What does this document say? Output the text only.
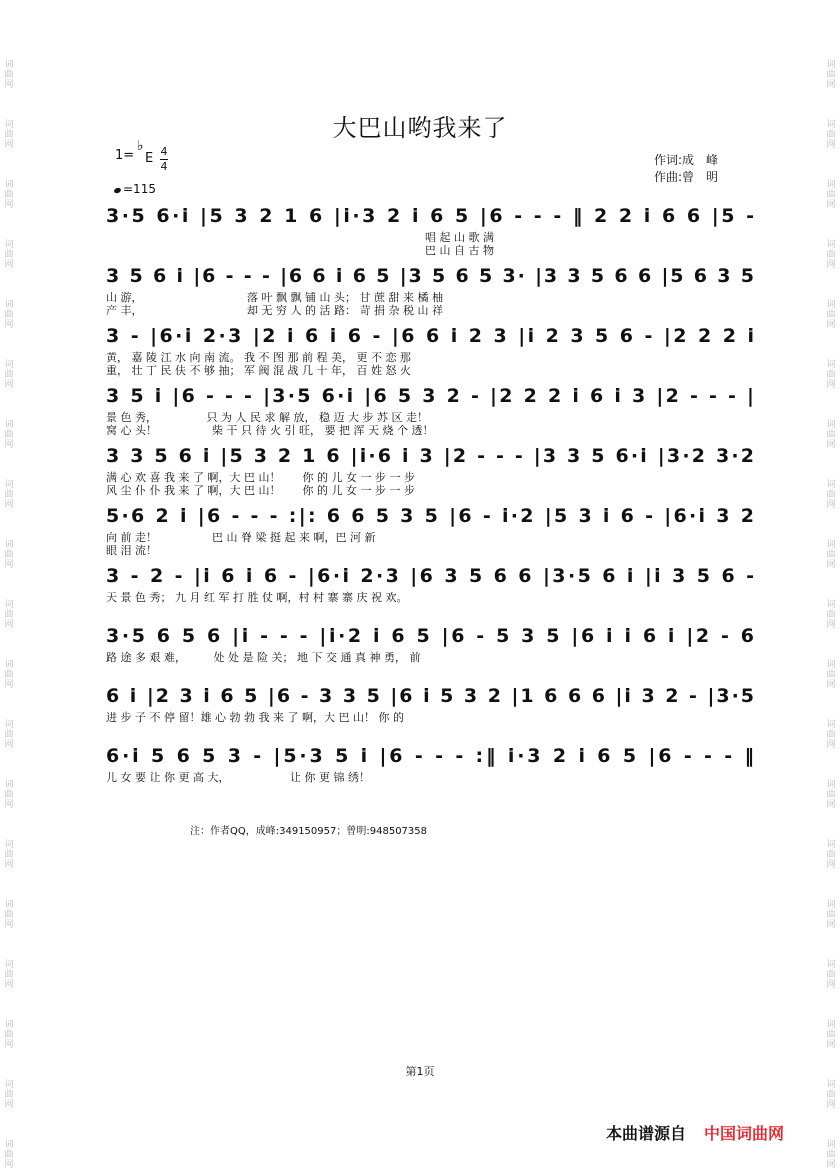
词
曲
网
词
曲
网
词
曲
网
词
曲
网
词
曲
网
词
曲
网
词
曲
网
词
曲
网
词
曲
网
词
曲
网
词
曲
网
词
曲
网
词
曲
网
词
曲
网
词
曲
网
词
曲
网
词
曲
网
词
曲
网
词
曲
网
词
曲
网
词
曲
网
词
曲
网
词
曲
网
词
曲
网
词
曲
网
词
曲
网
词
曲
网
词
曲
网
词
曲
网
词
曲
网
词
曲
网
词
曲
网
词
曲
网
词
曲
网
词
曲
网
词
曲
网
词
曲
网
词
曲
网
大巴山哟我来了
1=
♭
E 4
4
=115
作词:成　峰
作曲:曾　明
3·5 6·i |5 3 2 1 6 |i·3 2 i 6 5 |6 - - - ‖ 2 2 i 6 6 |5 -
　　　　　　　　　　　　　　　　　　　　　　　　　　　　　唱 起 山 歌 满
　　　　　　　　　　　　　　　　　　　　　　　　　　　　　巴 山 自 古 物
3 5 6 i |6 - - - |6 6 i 6 5 |3 5 6 5 3· |3 3 5 6 6 |5 6 3 5
山 游，　　　　　　　　　　落 叶 飘 飘 铺 山 头； 甘 蔗 甜 来 橘 柚
产 丰，　　　　　　　　　　却 无 穷 人 的 活 路： 苛 捐 杂 税 山 祥
3 - |6·i 2·3 |2 i 6 i 6 - |6 6 i 2 3 |i 2 3 5 6 - |2 2 2 i
黄， 嘉 陵 江 水 向 南 流。 我 不 图 那 前 程 美， 更 不 恋 那
重， 壮 丁 民 伕 不 够 抽； 军 阀 混 战 几 十 年， 百 姓 怒 火
3 5 i |6 - - - |3·5 6·i |6 5 3 2 - |2 2 2 i 6 i 3 |2 - - - |
景 色 秀，　　　　　只 为 人 民 求 解 放， 稳 迈 大 步 苏 区 走！
窝 心 头！　　　　　柴 干 只 待 火 引 旺， 要 把 浑 天 烧 个 透！
3 3 5 6 i |5 3 2 1 6 |i·6 i 3 |2 - - - |3 3 5 6·i |3·2 3·2
满 心 欢 喜 我 来 了 啊，大 巴 山！　　你 的 儿 女 一 步 一 步
风 尘 仆 仆 我 来 了 啊，大 巴 山！　　你 的 儿 女 一 步 一 步
5·6 2 i |6 - - - :|: 6 6 5 3 5 |6 - i·2 |5 3 i 6 - |6·i 3 2
向 前 走！　　　　　巴 山 脊 梁 挺 起 来 啊，巴 河 新
眼 泪 流！
3 - 2 - |i 6 i 6 - |6·i 2·3 |6 3 5 6 6 |3·5 6 i |i 3 5 6 -
天 景 色 秀； 九 月 红 军 打 胜 仗 啊，村 村 寨 寨 庆 祝 欢。
3·5 6 5 6 |i - - - |i·2 i 6 5 |6 - 5 3 5 |6 i i 6 i |2 - 6
路 途 多 艰 难，　　　处 处 是 险 关； 地 下 交 通 真 神 勇， 前
6 i |2 3 i 6 5 |6 - 3 3 5 |6 i 5 3 2 |1 6 6 6 |i 3 2 - |3·5
进 步 子 不 停 留！雄 心 勃 勃 我 来 了 啊，大 巴 山！ 你 的
6·i 5 6 5 3 - |5·3 5 i |6 - - - :‖ i·3 2 i 6 5 |6 - - - ‖
儿 女 要 让 你 更 高 大，　　　　　　让 你 更 锦 绣！
注：作者QQ，成峰:349150957；曾明:948507358
第1页
本曲谱源自 中国词曲网
